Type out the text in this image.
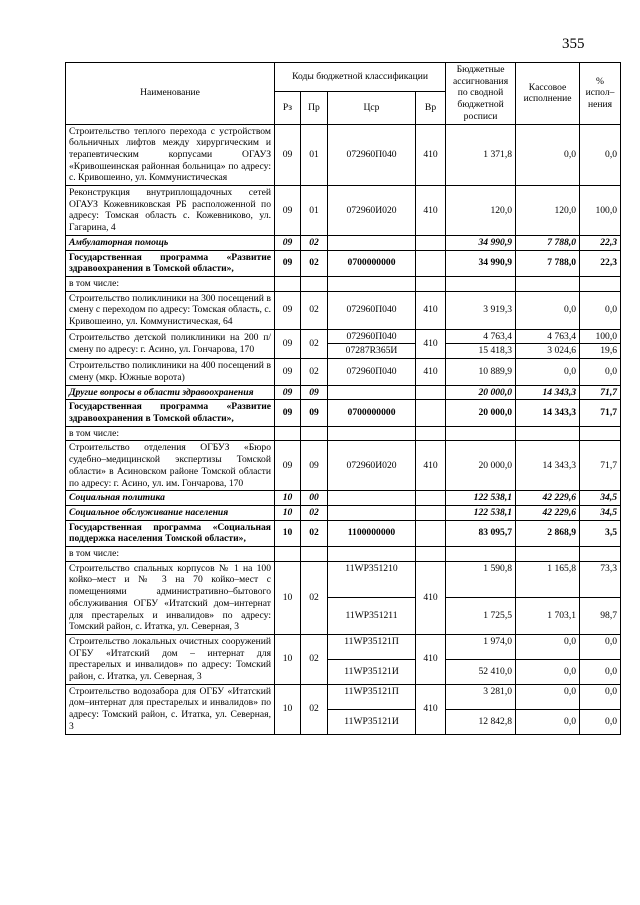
355
Наименование	Коды бюджетной классификации				Бюджетные ассигнования по сводной бюджетной росписи	Кассовое исполнение	% испол– нения
	Рз	Пр	Цср	Вр			
Строительство теплого перехода с устройством больничных лифтов между хирургическим и терапевтическим корпусами ОГАУЗ «Кривошеинская районная больница» по адресу: с. Кривошеино, ул. Коммунистическая	09	01	072960П040	410	1 371,8	0,0	0,0
Реконструкция внутриплощадочных сетей ОГАУЗ Кожевниковская РБ расположенной по адресу: Томская область с. Кожевниково, ул. Гагарина, 4	09	01	072960И020	410	120,0	120,0	100,0
Амбулаторная помощь	09	02			34 990,9	7 788,0	22,3
Государственная программа «Развитие здравоохранения в Томской области»,	09	02	0700000000		34 990,9	7 788,0	22,3
в том числе:							
Строительство поликлиники на 300 посещений в смену с переходом по адресу: Томская область, с. Кривошеино, ул. Коммунистическая, 64	09	02	072960П040	410	3 919,3	0,0	0,0
Строительство детской поликлиники на 200 п/смену по адресу: г. Асино, ул. Гончарова, 170	09	02	072960П040	410	4 763,4	4 763,4	100,0
			07287R365И		15 418,3	3 024,6	19,6
Строительство поликлиники на 400 посещений в смену (мкр. Южные ворота)	09	02	072960П040	410	10 889,9	0,0	0,0
Другие вопросы в области здравоохранения	09	09			20 000,0	14 343,3	71,7
Государственная программа «Развитие здравоохранения в Томской области»,	09	09	0700000000		20 000,0	14 343,3	71,7
в том числе:							
Строительство отделения ОГБУЗ «Бюро судебно–медицинской экспертизы Томской области» в Асиновском районе Томской области по адресу: г. Асино, ул. им. Гончарова, 170	09	09	072960И020	410	20 000,0	14 343,3	71,7
Социальная политика	10	00			122 538,1	42 229,6	34,5
Социальное обслуживание населения	10	02			122 538,1	42 229,6	34,5
Государственная программа «Социальная поддержка населения Томской области»,	10	02	1100000000		83 095,7	2 868,9	3,5
в том числе:							
Строительство спальных корпусов № 1 на 100 койко–мест и № 3 на 70 койко–мест с помещениями административно–бытового обслуживания ОГБУ «Итатский дом–интернат для престарелых и инвалидов» по адресу: Томский район, с. Итатка, ул. Северная, 3	10	02	11WP351210	410	1 590,8	1 165,8	73,3
			11WP351211		1 725,5	1 703,1	98,7
Строительство локальных очистных сооружений ОГБУ «Итатский дом – интернат для престарелых и инвалидов» по адресу: Томский район, с. Итатка, ул. Северная, 3	10	02	11WP35121П	410	1 974,0	0,0	0,0
			11WP35121И		52 410,0	0,0	0,0
Строительство водозабора для ОГБУ «Итатский дом–интернат для престарелых и инвалидов» по адресу: Томский район, с. Итатка, ул. Северная, 3	10	02	11WP35121П	410	3 281,0	0,0	0,0
			11WP35121И		12 842,8	0,0	0,0
